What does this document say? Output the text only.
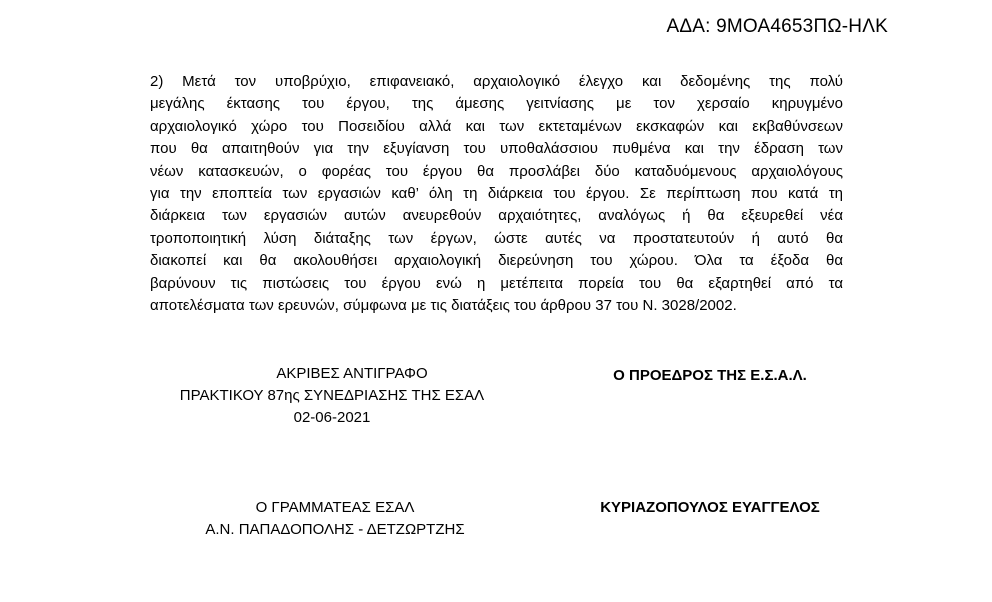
ΑΔΑ: 9ΜΟΑ4653ΠΩ-ΗΛΚ
2) Μετά τον υποβρύχιο, επιφανειακό, αρχαιολογικό έλεγχο και δεδομένης της πολύ
μεγάλης έκτασης του έργου, της άμεσης γειτνίασης με τον χερσαίο κηρυγμένο
αρχαιολογικό χώρο του Ποσειδίου αλλά και των εκτεταμένων εκσκαφών και εκβαθύνσεων
που θα απαιτηθούν για την εξυγίανση του υποθαλάσσιου πυθμένα και την έδραση των
νέων κατασκευών, ο φορέας του έργου θα προσλάβει δύο καταδυόμενους αρχαιολόγους
για την εποπτεία των εργασιών καθ’ όλη τη διάρκεια του έργου. Σε περίπτωση που κατά τη
διάρκεια των εργασιών αυτών ανευρεθούν αρχαιότητες, αναλόγως ή θα εξευρεθεί νέα
τροποποιητική λύση διάταξης των έργων, ώστε αυτές να προστατευτούν ή αυτό θα
διακοπεί και θα ακολουθήσει αρχαιολογική διερεύνηση του χώρου. Όλα τα έξοδα θα
βαρύνουν τις πιστώσεις του έργου ενώ η μετέπειτα πορεία του θα εξαρτηθεί από τα
αποτελέσματα των ερευνών, σύμφωνα με τις διατάξεις του άρθρου 37 του Ν. 3028/2002.
ΑΚΡΙΒΕΣ ΑΝΤΙΓΡΑΦΟ
ΠΡΑΚΤΙΚΟΥ 87ης ΣΥΝΕΔΡΙΑΣΗΣ ΤΗΣ ΕΣΑΛ
02-06-2021
Ο ΠΡΟΕΔΡΟΣ ΤΗΣ Ε.Σ.Α.Λ.
Ο ΓΡΑΜΜΑΤΕΑΣ ΕΣΑΛ
Α.Ν. ΠΑΠΑΔΟΠΟΛΗΣ - ΔΕΤΖΩΡΤΖΗΣ
ΚΥΡΙΑΖΟΠΟΥΛΟΣ ΕΥΑΓΓΕΛΟΣ
